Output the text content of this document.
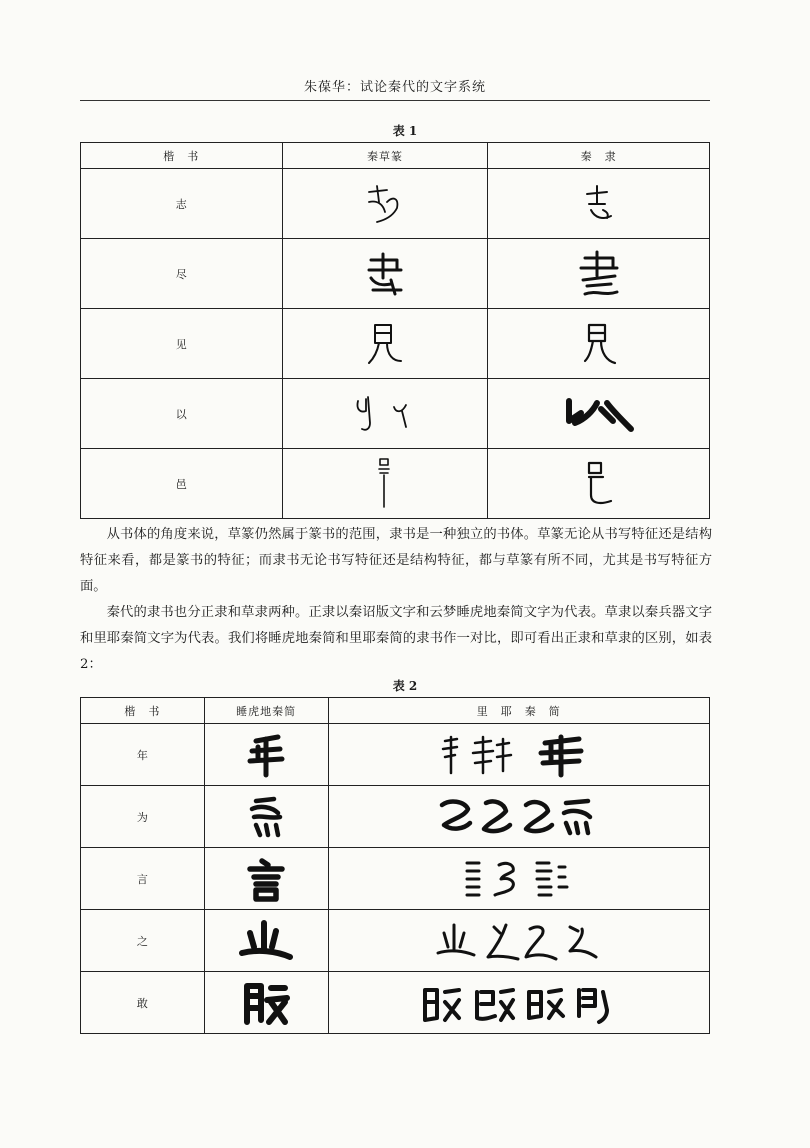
朱葆华：试论秦代的文字系统
表 1
楷　书	秦草篆	秦　隶
志	

尽	

见	

以	

邑	

从书体的角度来说，草篆仍然属于篆书的范围，隶书是一种独立的书体。草篆无论从书写特征还是结构特征来看，都是篆书的特征；而隶书无论书写特征还是结构特征，都与草篆有所不同，尤其是书写特征方面。

秦代的隶书也分正隶和草隶两种。正隶以秦诏版文字和云梦睡虎地秦简文字为代表。草隶以秦兵器文字和里耶秦简文字为代表。我们将睡虎地秦简和里耶秦简的隶书作一对比，即可看出正隶和草隶的区别，如表 2：

表 2
楷　书	睡虎地秦简	里　耶　秦　简
年	

为	

言	

之	

敢	
